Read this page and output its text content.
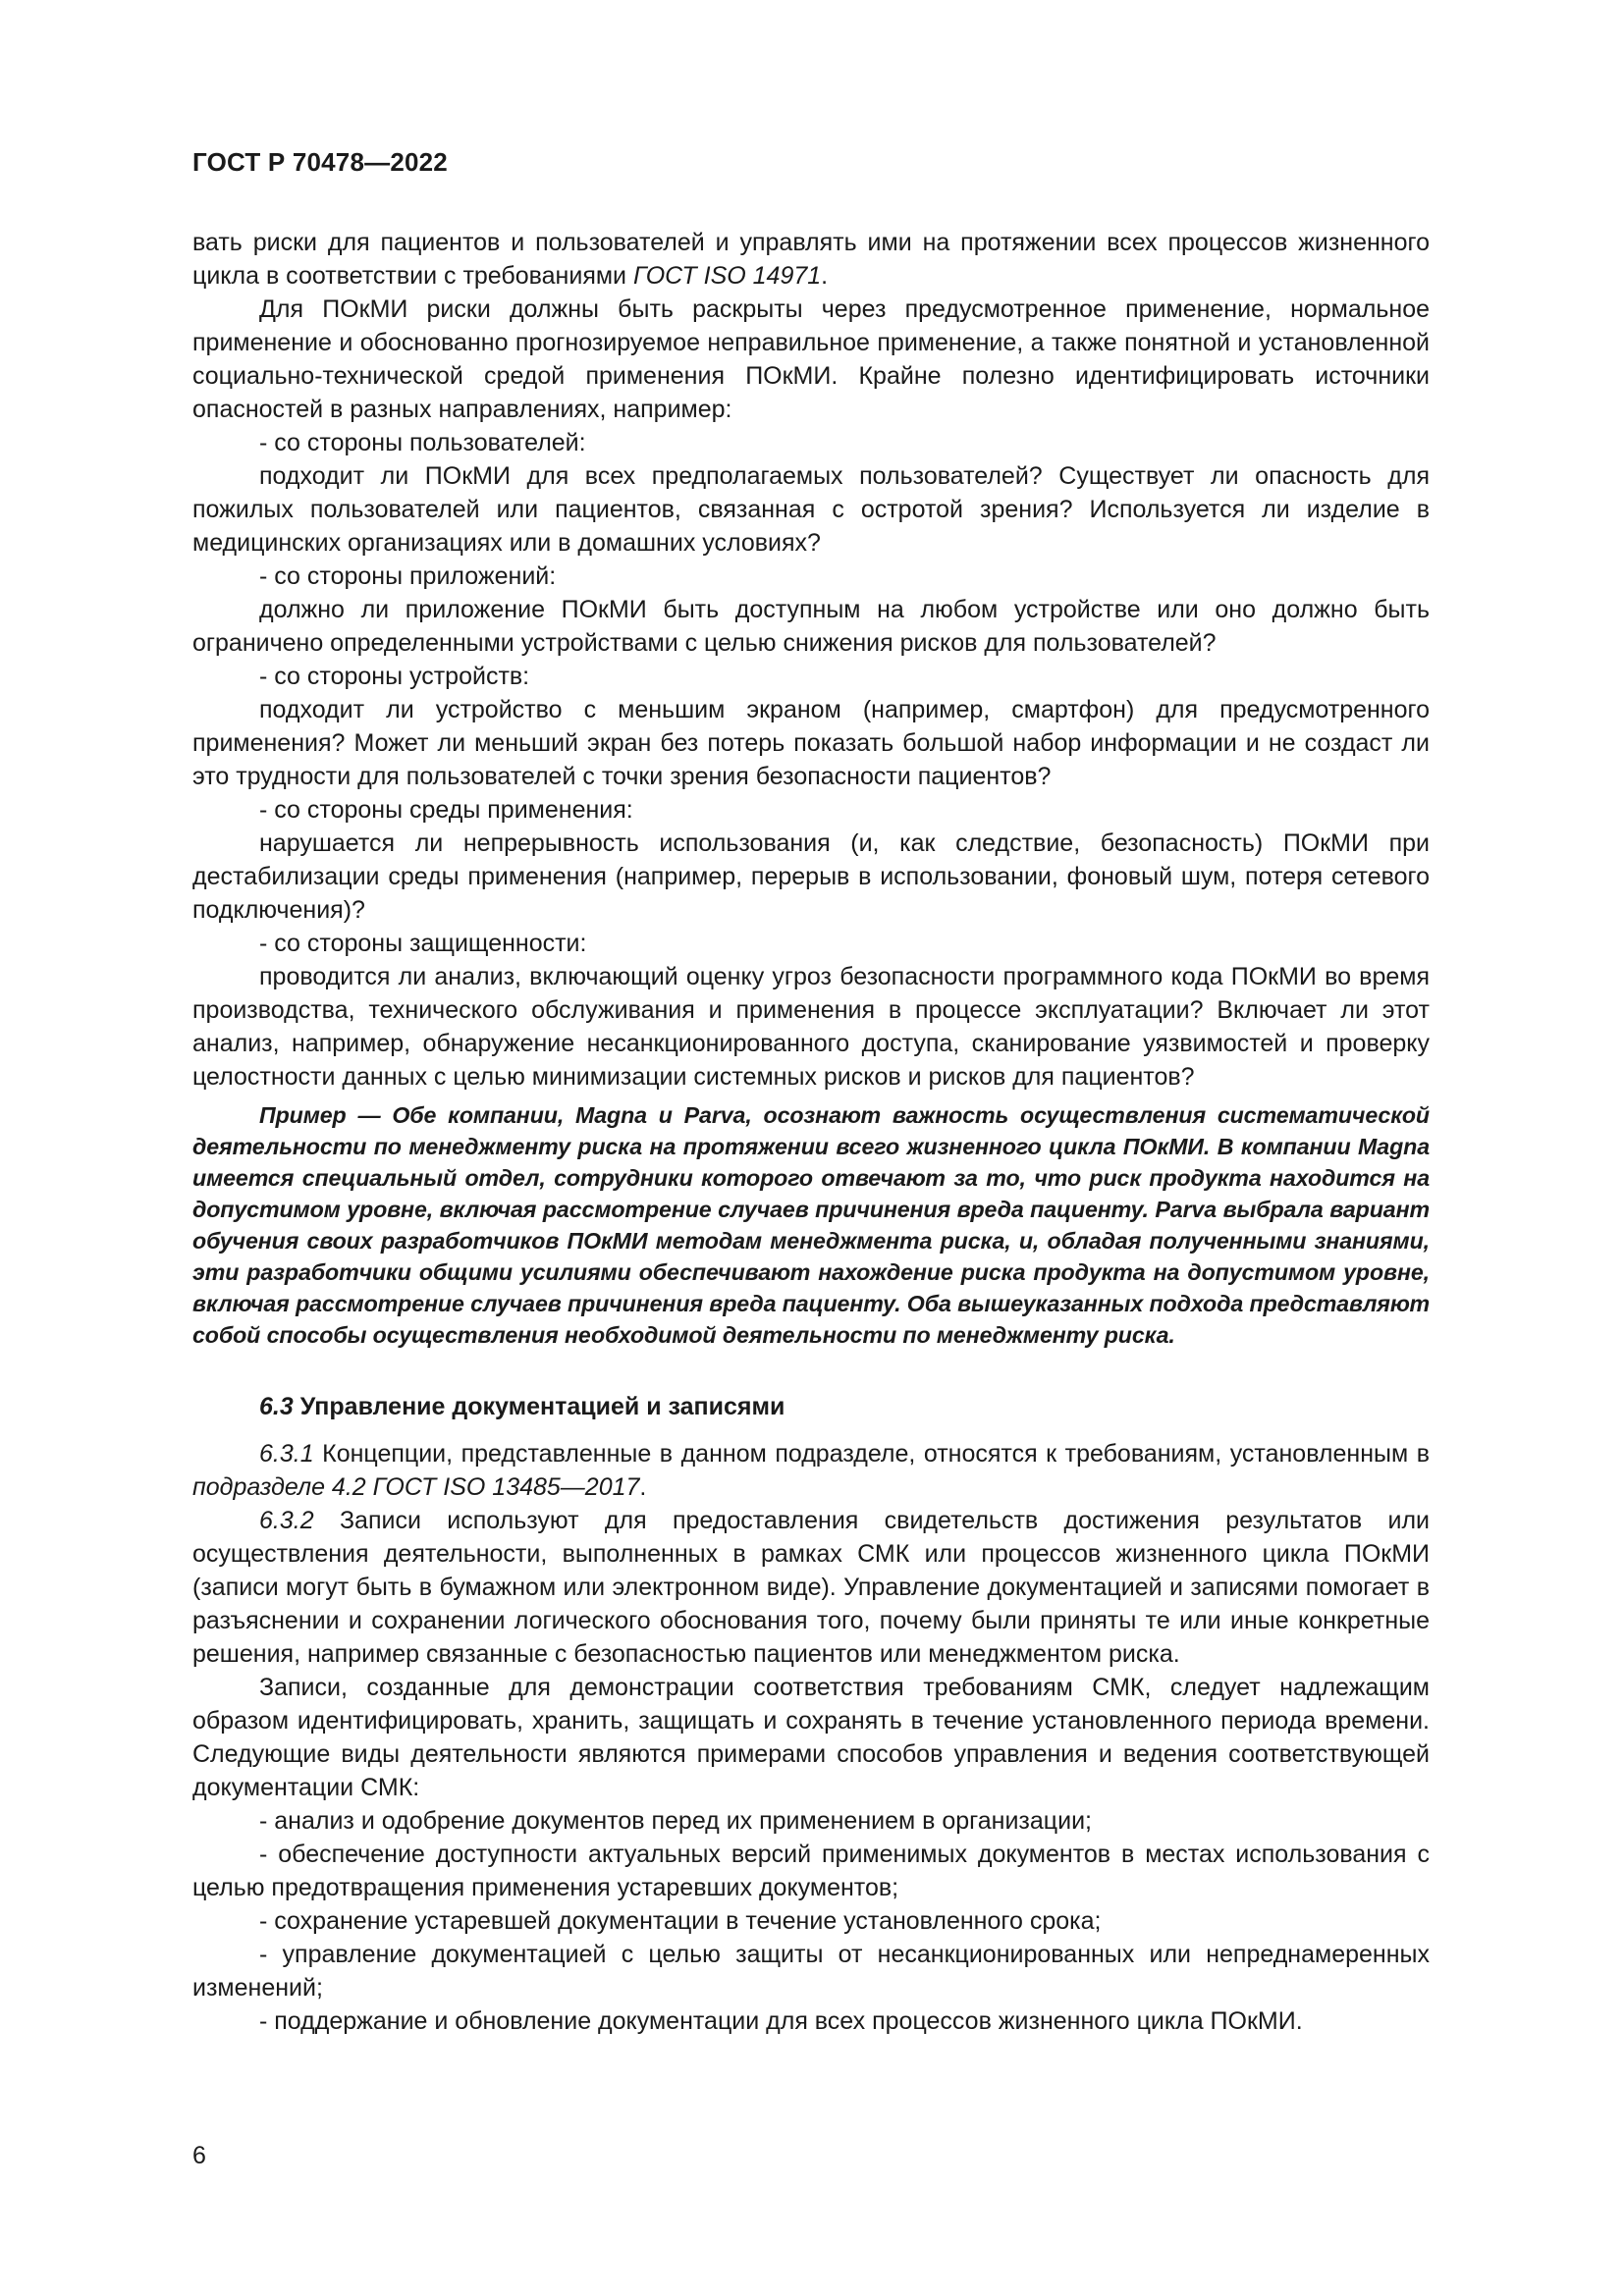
ГОСТ Р 70478—2022

вать риски для пациентов и пользователей и управлять ими на протяжении всех процессов жизненного цикла в соответствии с требованиями ГОСТ ISO 14971.

Для ПОкМИ риски должны быть раскрыты через предусмотренное применение, нормальное применение и обоснованно прогнозируемое неправильное применение, а также понятной и установленной социально-технической средой применения ПОкМИ. Крайне полезно идентифицировать источники опасностей в разных направлениях, например:

- со стороны пользователей:

подходит ли ПОкМИ для всех предполагаемых пользователей? Существует ли опасность для пожилых пользователей или пациентов, связанная с остротой зрения? Используется ли изделие в медицинских организациях или в домашних условиях?

- со стороны приложений:

должно ли приложение ПОкМИ быть доступным на любом устройстве или оно должно быть ограничено определенными устройствами с целью снижения рисков для пользователей?

- со стороны устройств:

подходит ли устройство с меньшим экраном (например, смартфон) для предусмотренного применения? Может ли меньший экран без потерь показать большой набор информации и не создаст ли это трудности для пользователей с точки зрения безопасности пациентов?

- со стороны среды применения:

нарушается ли непрерывность использования (и, как следствие, безопасность) ПОкМИ при дестабилизации среды применения (например, перерыв в использовании, фоновый шум, потеря сетевого подключения)?

- со стороны защищенности:

проводится ли анализ, включающий оценку угроз безопасности программного кода ПОкМИ во время производства, технического обслуживания и применения в процессе эксплуатации? Включает ли этот анализ, например, обнаружение несанкционированного доступа, сканирование уязвимостей и проверку целостности данных с целью минимизации системных рисков и рисков для пациентов?

Пример — Обе компании, Magna и Parva, осознают важность осуществления систематической деятельности по менеджменту риска на протяжении всего жизненного цикла ПОкМИ. В компании Magna имеется специальный отдел, сотрудники которого отвечают за то, что риск продукта находится на допустимом уровне, включая рассмотрение случаев причинения вреда пациенту. Parva выбрала вариант обучения своих разработчиков ПОкМИ методам менеджмента риска, и, обладая полученными знаниями, эти разработчики общими усилиями обеспечивают нахождение риска продукта на допустимом уровне, включая рассмотрение случаев причинения вреда пациенту. Оба вышеуказанных подхода представляют собой способы осуществления необходимой деятельности по менеджменту риска.

6.3 Управление документацией и записями

6.3.1 Концепции, представленные в данном подразделе, относятся к требованиям, установленным в подразделе 4.2 ГОСТ ISO 13485—2017.

6.3.2 Записи используют для предоставления свидетельств достижения результатов или осуществления деятельности, выполненных в рамках СМК или процессов жизненного цикла ПОкМИ (записи могут быть в бумажном или электронном виде). Управление документацией и записями помогает в разъяснении и сохранении логического обоснования того, почему были приняты те или иные конкретные решения, например связанные с безопасностью пациентов или менеджментом риска.

Записи, созданные для демонстрации соответствия требованиям СМК, следует надлежащим образом идентифицировать, хранить, защищать и сохранять в течение установленного периода времени. Следующие виды деятельности являются примерами способов управления и ведения соответствующей документации СМК:

- анализ и одобрение документов перед их применением в организации;

- обеспечение доступности актуальных версий применимых документов в местах использования с целью предотвращения применения устаревших документов;

- сохранение устаревшей документации в течение установленного срока;

- управление документацией с целью защиты от несанкционированных или непреднамеренных изменений;

- поддержание и обновление документации для всех процессов жизненного цикла ПОкМИ.

6
